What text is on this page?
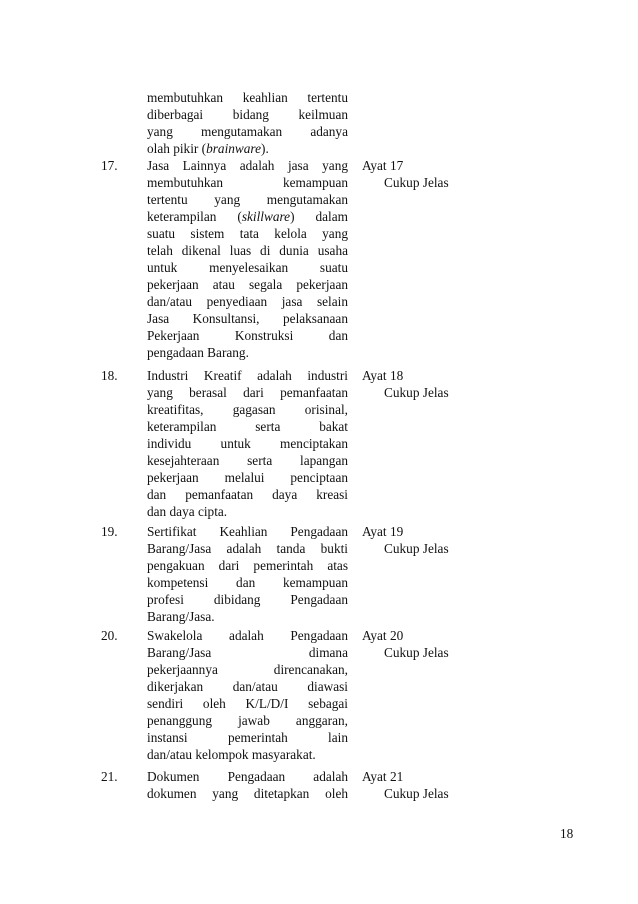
membutuhkan keahlian tertentu
diberbagai bidang keilmuan
yang mengutamakan adanya
olah pikir (brainware).
17. Jasa Lainnya adalah jasa yang
membutuhkan kemampuan
tertentu yang mengutamakan
keterampilan (skillware) dalam
suatu sistem tata kelola yang
telah dikenal luas di dunia usaha
untuk menyelesaikan suatu
pekerjaan atau segala pekerjaan
dan/atau penyediaan jasa selain
Jasa Konsultansi, pelaksanaan
Pekerjaan Konstruksi dan
pengadaan Barang.
Ayat 17
Cukup Jelas
18. Industri Kreatif adalah industri
yang berasal dari pemanfaatan
kreatifitas, gagasan orisinal,
keterampilan serta bakat
individu untuk menciptakan
kesejahteraan serta lapangan
pekerjaan melalui penciptaan
dan pemanfaatan daya kreasi
dan daya cipta.
Ayat 18
Cukup Jelas
19. Sertifikat Keahlian Pengadaan
Barang/Jasa adalah tanda bukti
pengakuan dari pemerintah atas
kompetensi dan kemampuan
profesi dibidang Pengadaan
Barang/Jasa.
Ayat 19
Cukup Jelas
20. Swakelola adalah Pengadaan
Barang/Jasa dimana
pekerjaannya direncanakan,
dikerjakan dan/atau diawasi
sendiri oleh K/L/D/I sebagai
penanggung jawab anggaran,
instansi pemerintah lain
dan/atau kelompok masyarakat.
Ayat 20
Cukup Jelas
21. Dokumen Pengadaan adalah
dokumen yang ditetapkan oleh
Ayat 21
Cukup Jelas
18
